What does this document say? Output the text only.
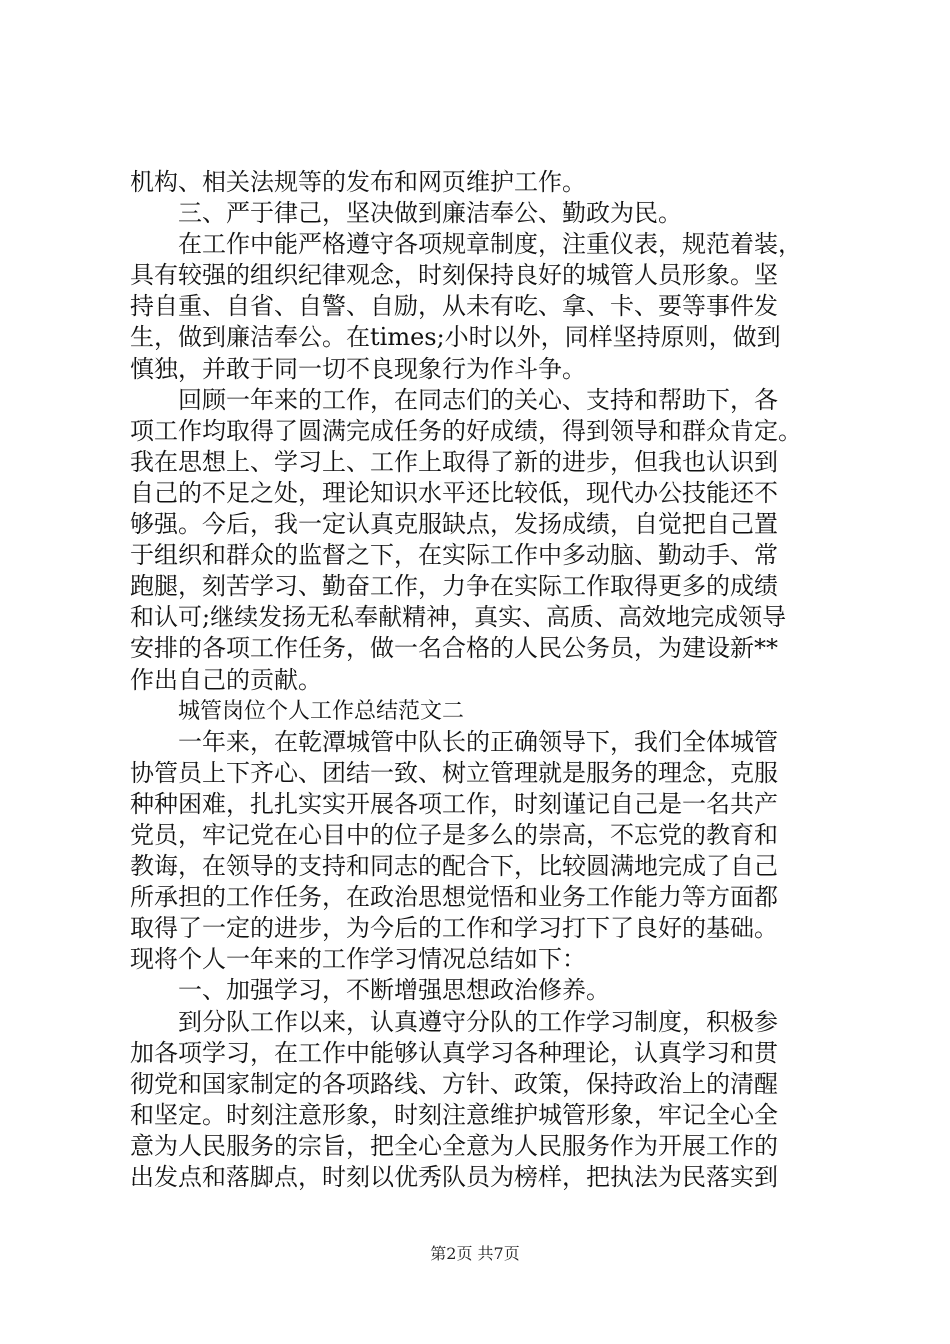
机构、相关法规等的发布和网页维护工作。
三、严于律己，坚决做到廉洁奉公、勤政为民。
在工作中能严格遵守各项规章制度，注重仪表，规范着装，
具有较强的组织纪律观念，时刻保持良好的城管人员形象。坚
持自重、自省、自警、自励，从未有吃、拿、卡、要等事件发
生，做到廉洁奉公。在times;小时以外，同样坚持原则，做到
慎独，并敢于同一切不良现象行为作斗争。
回顾一年来的工作，在同志们的关心、支持和帮助下，各
项工作均取得了圆满完成任务的好成绩，得到领导和群众肯定。
我在思想上、学习上、工作上取得了新的进步，但我也认识到
自己的不足之处，理论知识水平还比较低，现代办公技能还不
够强。今后，我一定认真克服缺点，发扬成绩，自觉把自己置
于组织和群众的监督之下，在实际工作中多动脑、勤动手、常
跑腿，刻苦学习、勤奋工作，力争在实际工作取得更多的成绩
和认可;继续发扬无私奉献精神，真实、高质、高效地完成领导
安排的各项工作任务，做一名合格的人民公务员，为建设新**
作出自己的贡献。
城管岗位个人工作总结范文二
一年来，在乾潭城管中队长的正确领导下，我们全体城管
协管员上下齐心、团结一致、树立管理就是服务的理念，克服
种种困难，扎扎实实开展各项工作，时刻谨记自己是一名共产
党员，牢记党在心目中的位子是多么的崇高，不忘党的教育和
教诲，在领导的支持和同志的配合下，比较圆满地完成了自己
所承担的工作任务，在政治思想觉悟和业务工作能力等方面都
取得了一定的进步，为今后的工作和学习打下了良好的基础。
现将个人一年来的工作学习情况总结如下：
一、加强学习，不断增强思想政治修养。
到分队工作以来，认真遵守分队的工作学习制度，积极参
加各项学习，在工作中能够认真学习各种理论，认真学习和贯
彻党和国家制定的各项路线、方针、政策，保持政治上的清醒
和坚定。时刻注意形象，时刻注意维护城管形象，牢记全心全
意为人民服务的宗旨，把全心全意为人民服务作为开展工作的
出发点和落脚点，时刻以优秀队员为榜样，把执法为民落实到
第2页 共7页
